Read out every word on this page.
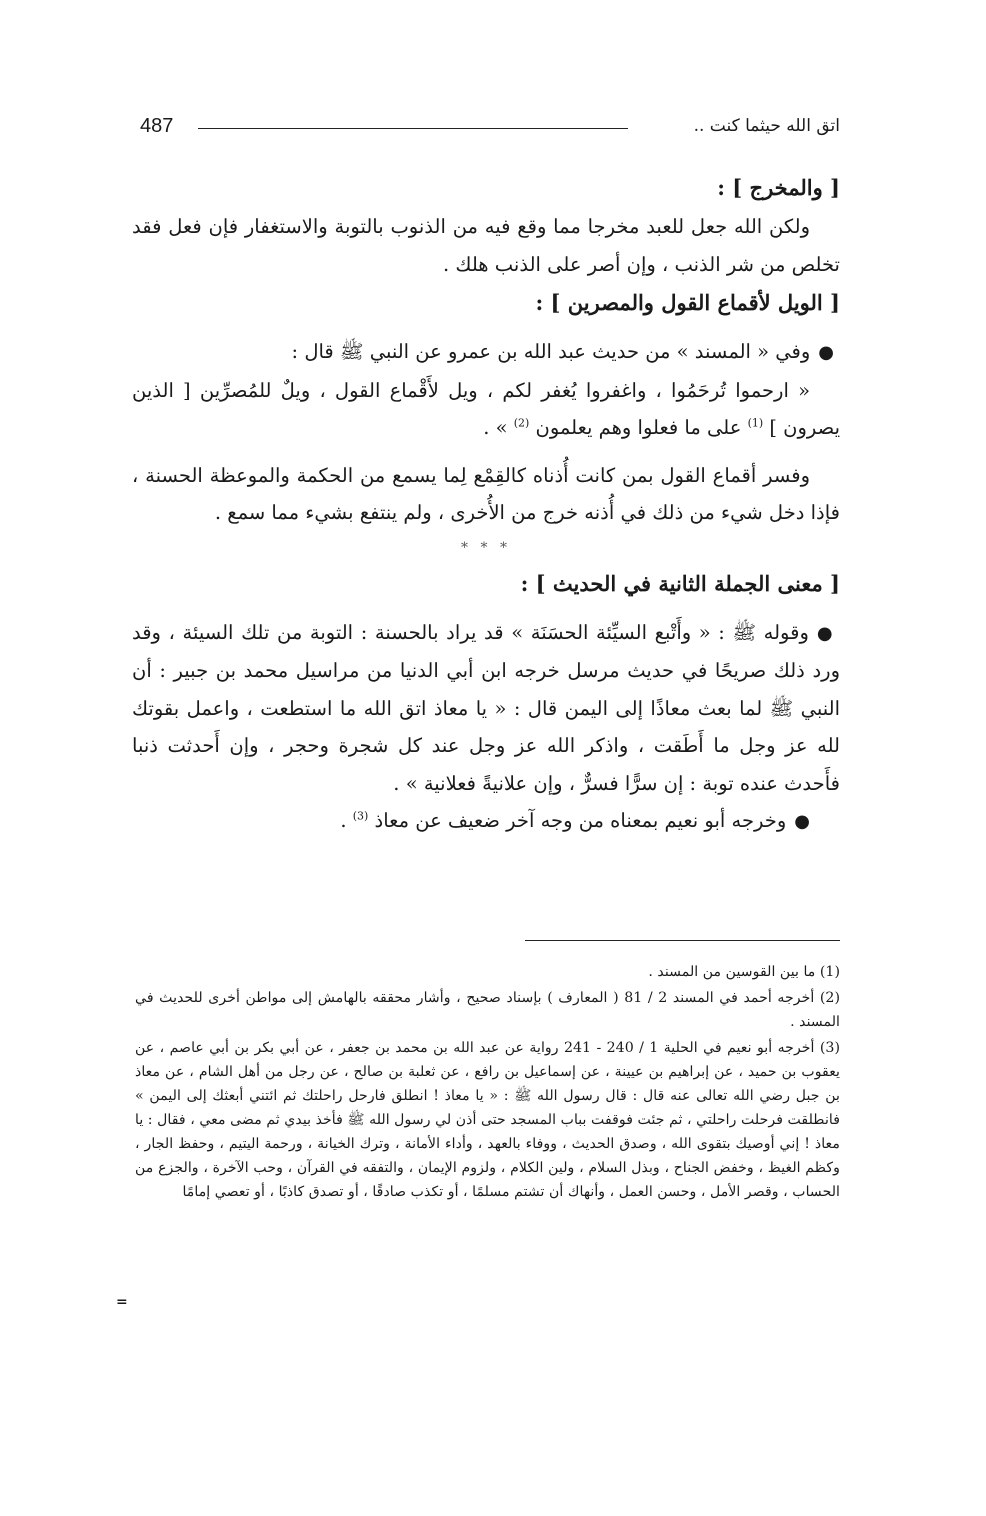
487	اتق الله حيثما كنت ..

[ والمخرج ] :

ولكن الله جعل للعبد مخرجا مما وقع فيه من الذنوب بالتوبة والاستغفار فإن فعل فقد تخلص من شر الذنب ، وإن أصر على الذنب هلك .

[ الويل لأقماع القول والمصرين ] :

●وفي « المسند » من حديث عبد الله بن عمرو عن النبي ﷺ قال :

« ارحموا تُرحَمُوا ، واغفروا يُغفر لكم ، ويل لأَقْماع القول ، ويلٌ للمُصرِّين [ الذين يصرون ] $^{(1)}$ على ما فعلوا وهم يعلمون $^{(2)}$ » .

وفسر أقماع القول بمن كانت أُذناه كالقِمْع لِما يسمع من الحكمة والموعظة الحسنة ، فإذا دخل شيء من ذلك في أُذنه خرج من الأُخرى ، ولم ينتفع بشيء مما سمع .

* * *

[ معنى الجملة الثانية في الحديث ] :

●وقوله ﷺ : « وأَتْبع السيِّئة الحسَنَة » قد يراد بالحسنة : التوبة من تلك السيئة ، وقد ورد ذلك صريحًا في حديث مرسل خرجه ابن أبي الدنيا من مراسيل محمد بن جبير : أن النبي ﷺ لما بعث معاذًا إلى اليمن قال : « يا معاذ اتق الله ما استطعت ، واعمل بقوتك لله عز وجل ما أَطَقت ، واذكر الله عز وجل عند كل شجرة وحجر ، وإن أَحدثت ذنبا فأَحدث عنده توبة : إن سرًّا فسرٌّ ، وإن علانيةً فعلانية » .

●وخرجه أبو نعيم بمعناه من وجه آخر ضعيف عن معاذ $^{(3)}$ .

(1) ما بين القوسين من المسند .

(2) أخرجه أحمد في المسند 2 / 81 ( المعارف ) بإسناد صحيح ، وأشار محققه بالهامش إلى مواطن أخرى للحديث في المسند .

(3) أخرجه أبو نعيم في الحلية 1 / 240 - 241 رواية عن عبد الله بن محمد بن جعفر ، عن أبي بكر بن أبي عاصم ، عن يعقوب بن حميد ، عن إبراهيم بن عيينة ، عن إسماعيل بن رافع ، عن ثعلبة بن صالح ، عن رجل من أهل الشام ، عن معاذ بن جبل رضي الله تعالى عنه قال : قال رسول الله ﷺ : « يا معاذ ! انطلق فارحل راحلتك ثم ائتني أبعثك إلى اليمن » فانطلقت فرحلت راحلتي ، ثم جئت فوقفت بباب المسجد حتى أذن لي رسول الله ﷺ فأخذ بيدي ثم مضى معي ، فقال : يا معاذ ! إني أوصيك بتقوى الله ، وصدق الحديث ، ووفاء بالعهد ، وأداء الأمانة ، وترك الخيانة ، ورحمة اليتيم ، وحفظ الجار ، وكظم الغيظ ، وخفض الجناح ، وبذل السلام ، ولين الكلام ، ولزوم الإيمان ، والتفقه في القرآن ، وحب الآخرة ، والجزع من الحساب ، وقصر الأمل ، وحسن العمل ، وأنهاك أن تشتم مسلمًا ، أو تكذب صادقًا ، أو تصدق كاذبًا ، أو تعصي إمامًا

=
